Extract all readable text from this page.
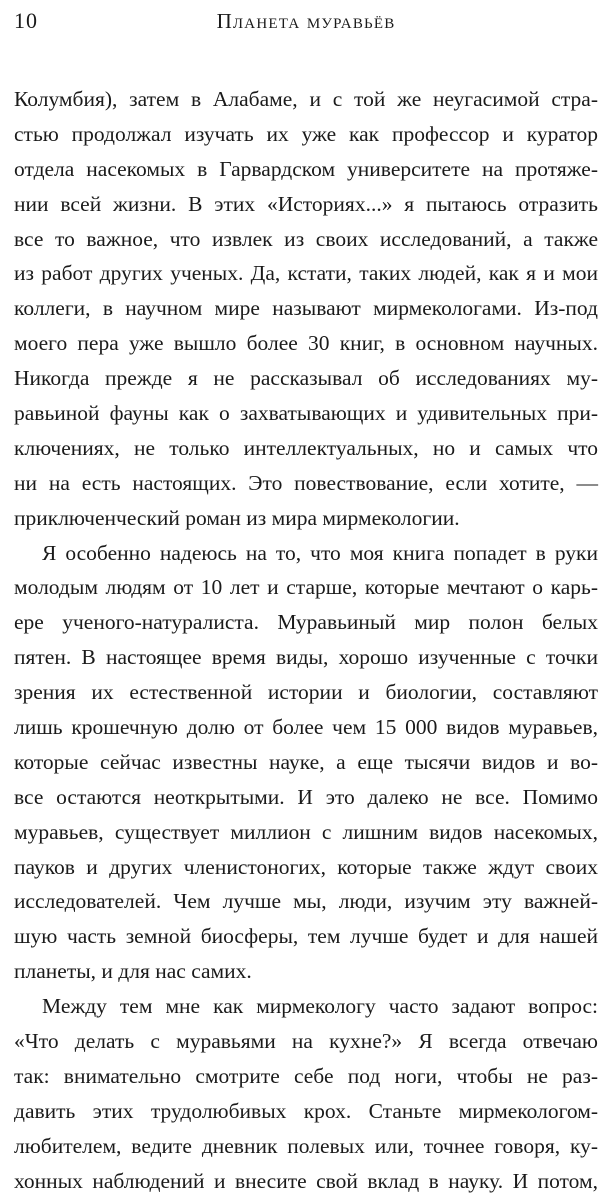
10	Планета муравьёв
Колумбия), затем в Алабаме, и с той же неугасимой стра-
стью продолжал изучать их уже как профессор и куратор
отдела насекомых в Гарвардском университете на протяже-
нии всей жизни. В этих «Историях...» я пытаюсь отразить
все то важное, что извлек из своих исследований, а также
из работ других ученых. Да, кстати, таких людей, как я и мои
коллеги, в научном мире называют мирмекологами. Из-под
моего пера уже вышло более 30 книг, в основном научных.
Никогда прежде я не рассказывал об исследованиях му-
равьиной фауны как о захватывающих и удивительных при-
ключениях, не только интеллектуальных, но и самых что
ни на есть настоящих. Это повествование, если хотите, —
приключенческий роман из мира мирмекологии.
Я особенно надеюсь на то, что моя книга попадет в руки
молодым людям от 10 лет и старше, которые мечтают о карь-
ере ученого-натуралиста. Муравьиный мир полон белых
пятен. В настоящее время виды, хорошо изученные с точки
зрения их естественной истории и биологии, составляют
лишь крошечную долю от более чем 15 000 видов муравьев,
которые сейчас известны науке, а еще тысячи видов и во-
все остаются неоткрытыми. И это далеко не все. Помимо
муравьев, существует миллион с лишним видов насекомых,
пауков и других членистоногих, которые также ждут своих
исследователей. Чем лучше мы, люди, изучим эту важней-
шую часть земной биосферы, тем лучше будет и для нашей
планеты, и для нас самих.
Между тем мне как мирмекологу часто задают вопрос:
«Что делать с муравьями на кухне?» Я всегда отвечаю
так: внимательно смотрите себе под ноги, чтобы не раз-
давить этих трудолюбивых крох. Станьте мирмекологом-
любителем, ведите дневник полевых или, точнее говоря, ку-
хонных наблюдений и внесите свой вклад в науку. И потом,
